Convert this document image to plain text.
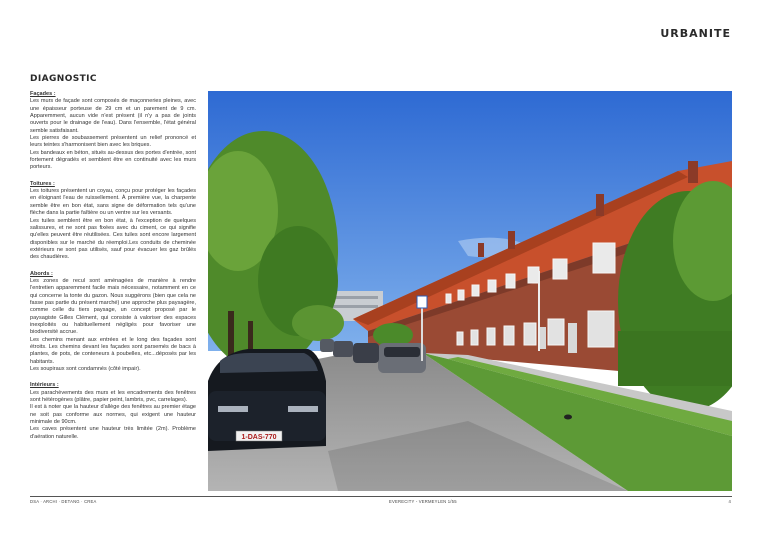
URBANITE
DIAGNOSTIC
Façades :

Les murs de façade sont composés de maçonneries pleines, avec une épaisseur porteuse de 29 cm et un parement de 9 cm. Apparemment, aucun vide n'est présent (il n'y a pas de joints ouverts pour le drainage de l'eau). Dans l'ensemble, l'état général semble satisfaisant.

Les pierres de soubassement présentent un relief prononcé et leurs teintes s'harmonisent bien avec les briques.

Les bandeaux en béton, situés au-dessus des portes d'entrée, sont fortement dégradés et semblent être en continuité avec les murs porteurs.

Toitures :

Les toitures présentent un coyau, conçu pour protéger les façades en éloignant l'eau de ruissellement. À première vue, la charpente semble être en bon état, sans signe de déformation tels qu'une flèche dans la partie faîtière ou un ventre sur les versants.

Les tuiles semblent être en bon état, à l'exception de quelques salissures, et ne sont pas fixées avec du ciment, ce qui signifie qu'elles peuvent être réutilisées. Ces tuiles sont encore largement disponibles sur le marché du réemploi.Les conduits de cheminée extérieurs ne sont pas utilisés, sauf pour évacuer les gaz brûlés des chaudières.

Abords :

Les zones de recul sont aménagées de manière à rendre l'entretien apparemment facile mais nécessaire, notamment en ce qui concerne la tonte du gazon. Nous suggérons (bien que cela ne fasse pas partie du présent marché) une approche plus paysagère, comme celle du tiers paysage, un concept proposé par le paysagiste Gilles Clément, qui consiste à valoriser des espaces inexploités ou habituellement négligés pour favoriser une biodiversité accrue.

Les chemins menant aux entrées et le long des façades sont étroits. Les chemins devant les façades sont parsemés de bacs à plantes, de pots, de conteneurs à poubelles, etc...déposés par les habitants.

Les soupiraux sont condamnés (côté impair).

Intérieurs :

Les parachèvements des murs et les encadrements des fenêtres sont hétérogènes (plâtre, papier peint, lambris, pvc, carrelages).

Il est à noter que la hauteur d'allège des fenêtres au premier étage ne soit pas conforme aux normes, qui exigent une hauteur minimale de 90cm.

Les caves présentent une hauteur très limitée (2m). Problème d'aération naturelle.	1-DAS-770
DSA · ARCHI · DETANG · CREA	EVERECITY - VERMEYLEN 1/55	4
